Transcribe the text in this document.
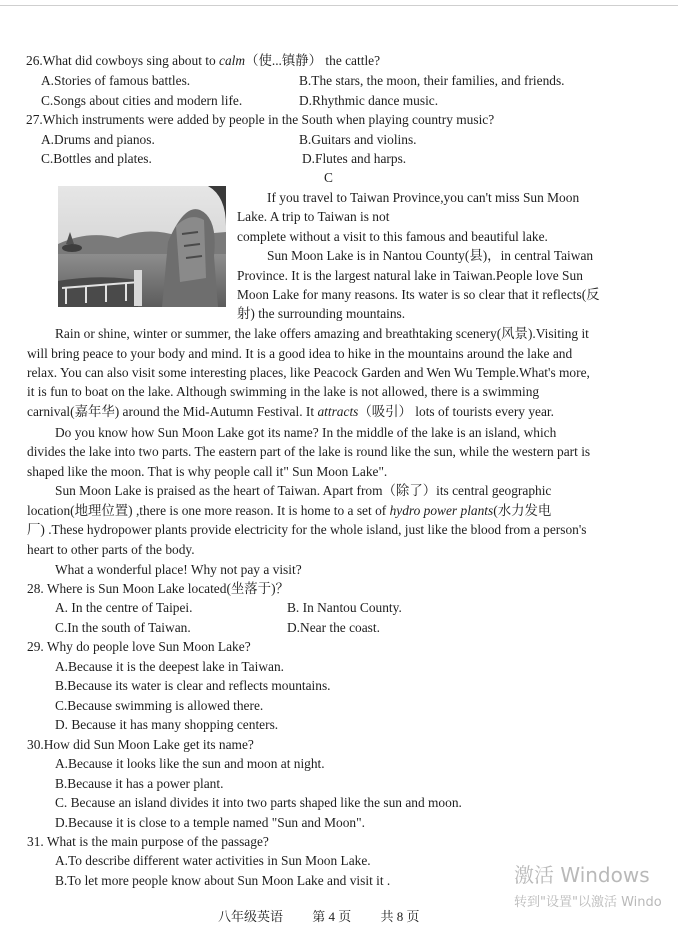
26.What did cowboys sing about to calm（使...镇静） the cattle?
A.Stories of famous battles.	B.The stars, the moon, their families, and friends.
C.Songs about cities and modern life.	D.Rhythmic dance music.
27.Which instruments were added by people in the South when playing country music?
A.Drums and pianos.	B.Guitars and violins.
C.Bottles and plates.	D.Flutes and harps.
C
If you travel to Taiwan Province,you can't miss Sun Moon
Lake. A trip to Taiwan is not
complete without a visit to this famous and beautiful lake.
Sun Moon Lake is in Nantou County(县)，in central Taiwan
Province. It is the largest natural lake in Taiwan.People love Sun
Moon Lake for many reasons. Its water is so clear that it reflects(反
射) the surrounding mountains.
Rain or shine, winter or summer, the lake offers amazing and breathtaking scenery(风景).Visiting it
will bring peace to your body and mind. It is a good idea to hike in the mountains around the lake and
relax. You can also visit some interesting places, like Peacock Garden and Wen Wu Temple.What's more,
it is fun to boat on the lake. Although swimming in the lake is not allowed, there is a swimming
carnival(嘉年华) around the Mid-Autumn Festival. It attracts（吸引） lots of tourists every year.
Do you know how Sun Moon Lake got its name? In the middle of the lake is an island, which
divides the lake into two parts. The eastern part of the lake is round like the sun, while the western part is
shaped like the moon. That is why people call it" Sun Moon Lake".
Sun Moon Lake is praised as the heart of Taiwan. Apart from（除了）its central geographic
location(地理位置) ,there is one more reason. It is home to a set of hydro power plants(水力发电
厂) .These hydropower plants provide electricity for the whole island, just like the blood from a person's
heart to other parts of the body.
What a wonderful place! Why not pay a visit?
28. Where is Sun Moon Lake located(坐落于)？
A. In the centre of Taipei.	B. In Nantou County.
C.In the south of Taiwan.	D.Near the coast.
29. Why do people love Sun Moon Lake?
A.Because it is the deepest lake in Taiwan.
B.Because its water is clear and reflects mountains.
C.Because swimming is allowed there.
D. Because it has many shopping centers.
30.How did Sun Moon Lake get its name?
A.Because it looks like the sun and moon at night.
B.Because it has a power plant.
C. Because an island divides it into two parts shaped like the sun and moon.
D.Because it is close to a temple named "Sun and Moon".
31. What is the main purpose of the passage?
A.To describe different water activities in Sun Moon Lake.
B.To let more people know about Sun Moon Lake and visit it .
八年级英语 第 4 页 共 8 页
激活 Windows
转到"设置"以激活 Windo
